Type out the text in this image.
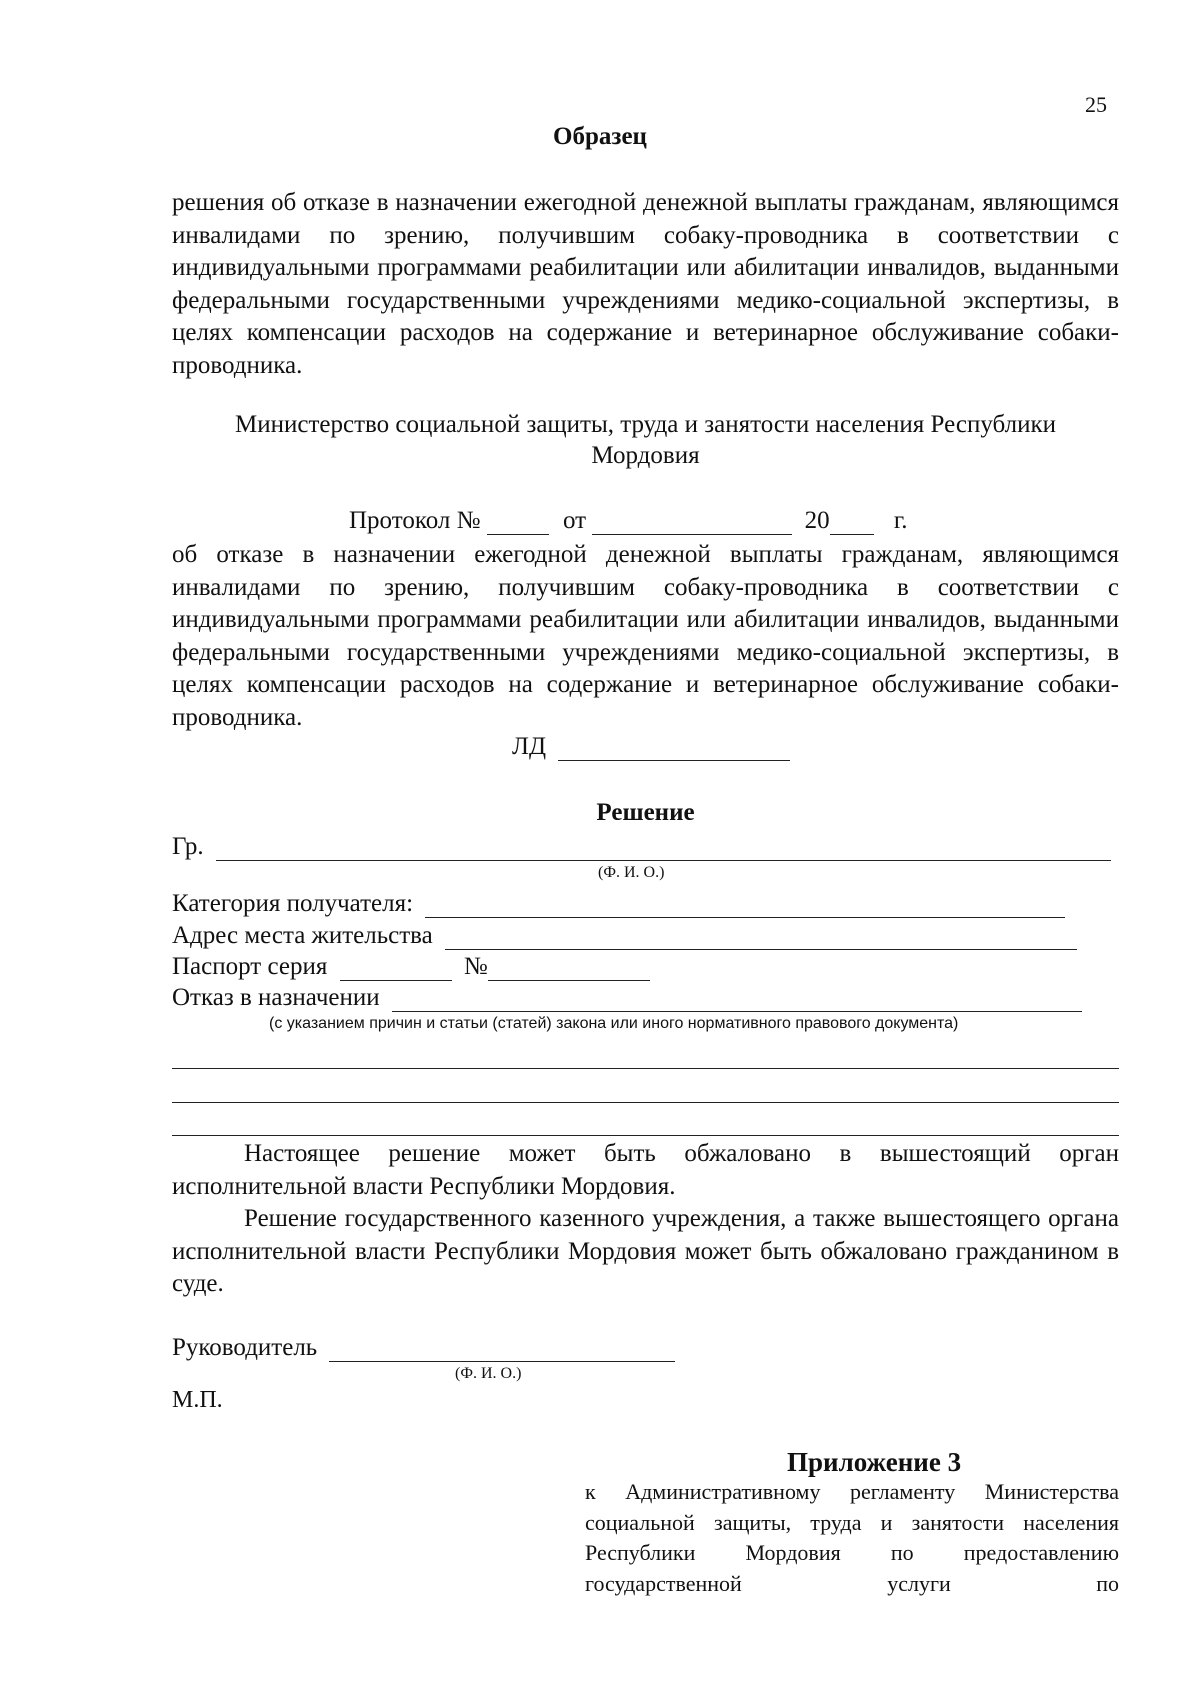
25
Образец

решения об отказе в назначении ежегодной денежной выплаты гражданам, являющимся инвалидами по зрению, получившим собаку-проводника в соответствии с индивидуальными программами реабилитации или абилитации инвалидов, выданными федеральными государственными учреждениями медико-социальной экспертизы, в целях компенсации расходов на содержание и ветеринарное обслуживание собаки-проводника.

Министерство социальной защиты, труда и занятости населения Республики
Мордовия
Протокол №	от	20	г.

об отказе в назначении ежегодной денежной выплаты гражданам, являющимся инвалидами по зрению, получившим собаку-проводника в соответствии с индивидуальными программами реабилитации или абилитации инвалидов, выданными федеральными государственными учреждениями медико-социальной экспертизы, в целях компенсации расходов на содержание и ветеринарное обслуживание собаки-проводника.

ЛД
Решение
Гр.
(Ф. И. О.)
Категория получателя:
Адрес места жительства
Паспорт серия	№
Отказ в назначении
(с указанием причин и статьи (статей) закона или иного нормативного правового документа)

Настоящее решение может быть обжаловано в вышестоящий орган исполнительной власти Республики Мордовия.

Решение государственного казенного учреждения, а также вышестоящего органа исполнительной власти Республики Мордовия может быть обжаловано гражданином в суде.

Руководитель
(Ф. И. О.)
М.П.
Приложение 3
к Административному регламенту Министерства социальной защиты, труда и занятости населения Республики Мордовия по предоставлению государственной услуги по
